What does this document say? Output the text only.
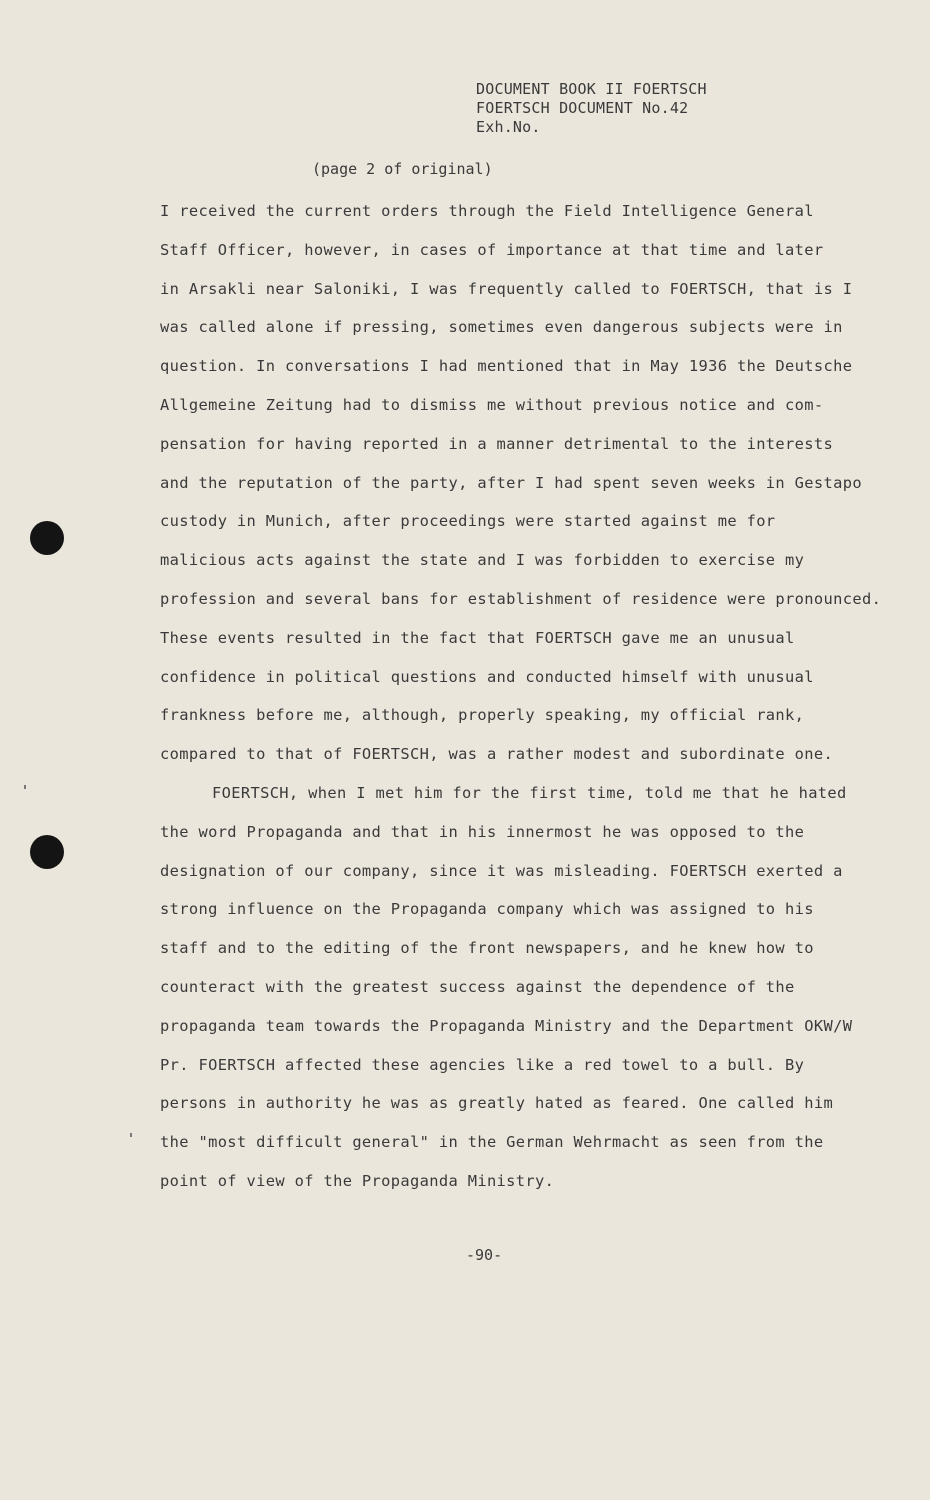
DOCUMENT BOOK II FOERTSCH
FOERTSCH DOCUMENT No.42
Exh.No.
(page 2 of original)
I received the current orders through the Field Intelligence General
Staff Officer, however, in cases of importance at that time and later
in Arsakli near Saloniki, I was frequently called to FOERTSCH, that is I
was called alone if pressing, sometimes even dangerous subjects were in
question. In conversations I had mentioned that in May 1936 the Deutsche
Allgemeine Zeitung had to dismiss me without previous notice and com-
pensation for having reported in a manner detrimental to the interests
and the reputation of the party, after I had spent seven weeks in Gestapo
custody in Munich, after proceedings were started against me for
malicious acts against the state and I was forbidden to exercise my
profession and several bans for establishment of residence were pronounced.
These events resulted in the fact that FOERTSCH gave me an unusual
confidence in political questions and conducted himself with unusual
frankness before me, although, properly speaking, my official rank,
compared to that of FOERTSCH, was a rather modest and subordinate one.
FOERTSCH, when I met him for the first time, told me that he hated
the word Propaganda and that in his innermost he was opposed to the
designation of our company, since it was misleading. FOERTSCH exerted a
strong influence on the Propaganda company which was assigned to his
staff and to the editing of the front newspapers, and he knew how to
counteract with the greatest success against the dependence of the
propaganda team towards the Propaganda Ministry and the Department OKW/W
Pr. FOERTSCH affected these agencies like a red towel to a bull. By
persons in authority he was as greatly hated as feared. One called him
the "most difficult general" in the German Wehrmacht as seen from the
point of view of the Propaganda Ministry.
-90-
